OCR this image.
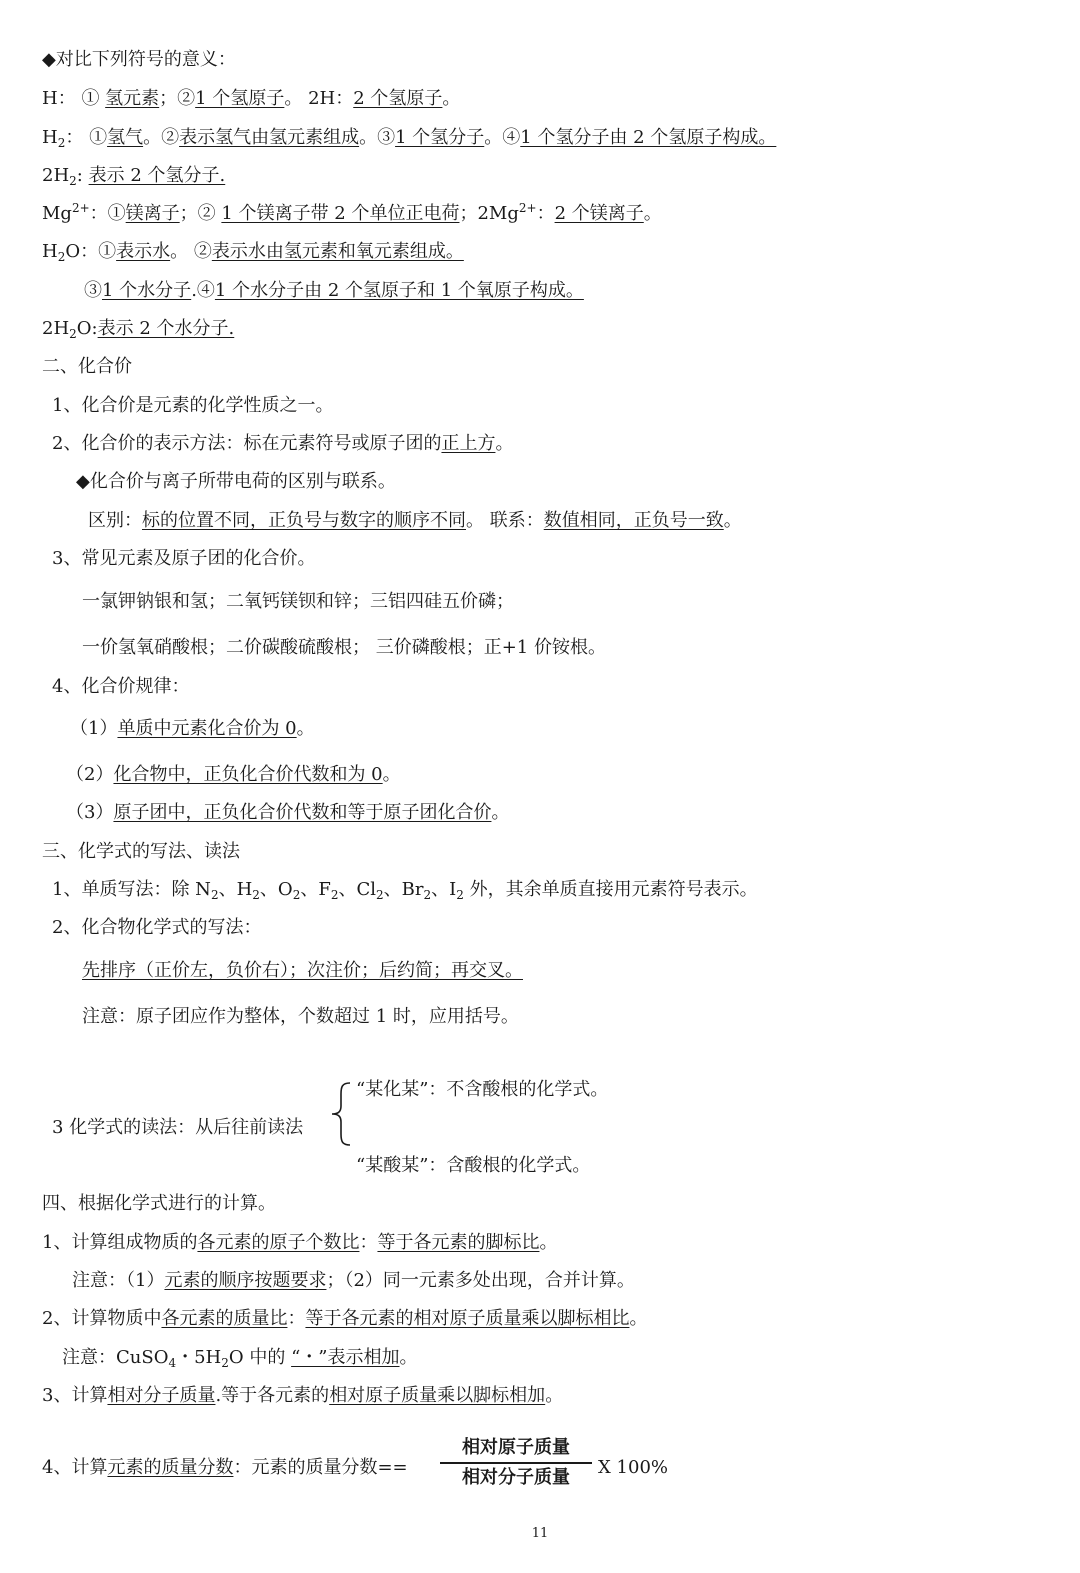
◆对比下列符号的意义：
H： ① 氢元素；②1 个氢原子。 2H：2 个氢原子。
$H_2$： ①氢气。②表示氢气由氢元素组成。③1 个氢分子。④1 个氢分子由 2 个氢原子构成。
$2H_2$: 表示 2 个氢分子.
$Mg^{2+}$：①镁离子；② 1 个镁离子带 2 个单位正电荷；$2Mg^{2+}$：2 个镁离子。
$H_2O$：①表示水。 ②表示水由氢元素和氧元素组成。
③1 个水分子.④1 个水分子由 2 个氢原子和 1 个氧原子构成。
$2H_2O$:表示 2 个水分子.
二、化合价
1、化合价是元素的化学性质之一。
2、化合价的表示方法：标在元素符号或原子团的正上方。
◆化合价与离子所带电荷的区别与联系。
区别：标的位置不同，正负号与数字的顺序不同。 联系：数值相同，正负号一致。
3、常见元素及原子团的化合价。
一氯钾钠银和氢；二氧钙镁钡和锌；三铝四硅五价磷；
一价氢氧硝酸根；二价碳酸硫酸根； 三价磷酸根；正+1 价铵根。
4、化合价规律：
（1）单质中元素化合价为 0。
（2）化合物中，正负化合价代数和为 0。
（3）原子团中，正负化合价代数和等于原子团化合价。
三、化学式的写法、读法
1、单质写法：除 $N_2$、$H_2$、$O_2$、$F_2$、$Cl_2$、$Br_2$、$I_2$ 外，其余单质直接用元素符号表示。
2、化合物化学式的写法：
先排序（正价左，负价右）；次注价；后约简；再交叉。
注意：原子团应作为整体，个数超过 1 时，应用括号。
3 化学式的读法：从后往前读法
“某化某”：不含酸根的化学式。
“某酸某”：含酸根的化学式。
四、根据化学式进行的计算。
1、计算组成物质的各元素的原子个数比：等于各元素的脚标比。
注意：（1）元素的顺序按题要求；（2）同一元素多处出现，合并计算。
2、计算物质中各元素的质量比：等于各元素的相对原子质量乘以脚标相比。
注意：CuSO$_4$・$5H_2O$ 中的 “・”表示相加。
3、计算相对分子质量.等于各元素的相对原子质量乘以脚标相加。
4、计算元素的质量分数：元素的质量分数==
相对原子质量
相对分子质量	X 100%
11
